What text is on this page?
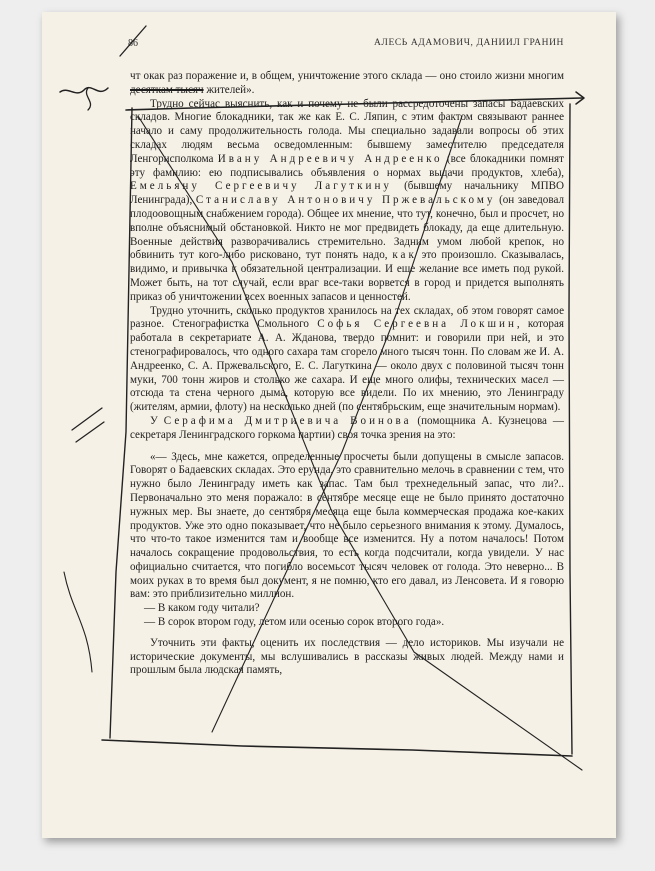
86	АЛЕСЬ АДАМОВИЧ, ДАНИИЛ ГРАНИН

чт окак раз поражение и, в общем, уничтожение этого склада — оно стоило жизни многим десяткам тысяч жителей».

Трудно сейчас выяснить, как и почему не были рассредоточены запасы Бадаевских складов. Многие блокадники, так же как Е. С. Ляпин, с этим фактом связывают раннее начало и саму продолжительность голода. Мы специально задавали вопросы об этих складах людям весьма осведомленным: бывшему заместителю председателя Ленгорисполкома Ивану Андреевичу Андреенко (все блокадники помнят эту фамилию: ею подписывались объявления о нормах выдачи продуктов, хлеба), Емельяну Сергеевичу Лагуткину (бывшему начальнику МПВО Ленинграда), Станиславу Антоновичу Пржевальскому (он заведовал плодоовощным снабжением города). Общее их мнение, что тут, конечно, был и просчет, но вполне объяснимый обстановкой. Никто не мог предвидеть блокаду, да еще длительную. Военные действия разворачивались стремительно. Задним умом любой крепок, но обвинить тут кого-либо рисковано, тут понять надо, как это произошло. Сказывалась, видимо, и привычка к обязательной централизации. И еще желание все иметь под рукой. Может быть, на тот случай, если враг все-таки ворвется в город и придется выполнять приказ об уничтожении всех военных запасов и ценностей.

Трудно уточнить, сколько продуктов хранилось на тех складах, об этом говорят самое разное. Стенографистка Смольного Софья Сергеевна Локшин, которая работала в секретариате А. А. Жданова, твердо помнит: и говорили при ней, и это стенографировалось, что одного сахара там сгорело много тысяч тонн. По словам же И. А. Андреенко, С. А. Пржевальского, Е. С. Лагуткина — около двух с половиной тысяч тонн муки, 700 тонн жиров и столько же сахара. И еще много олифы, технических масел — отсюда та стена черного дыма, которую все видели. По их мнению, это Ленинграду (жителям, армии, флоту) на несколько дней (по сентябрьским, еще значительным нормам).

У Серафима Дмитриевича Воинова (помощника А. Кузнецова — секретаря Ленинградского горкома партии) своя точка зрения на это:

«— Здесь, мне кажется, определенные просчеты были допущены в смысле запасов. Говорят о Бадаевских складах. Это ерунда, это сравнительно мелочь в сравнении с тем, что нужно было Ленинграду иметь как запас. Там был трехнедельный запас, что ли?.. Первоначально это меня поражало: в сентябре месяце еще не было принято достаточно нужных мер. Вы знаете, до сентября месяца еще была коммерческая продажа кое-каких продуктов. Уже это одно показывает, что не было серьезного внимания к этому. Думалось, что что-то такое изменится там и вообще все изменится. Ну а потом началось! Потом началось сокращение продовольствия, то есть когда подсчитали, когда увидели. У нас официально считается, что погибло восемьсот тысяч человек от голода. Это неверно... В моих руках в то время был документ, я не помню, кто его давал, из Ленсовета. И я говорю вам: это приблизительно миллион.

— В каком году читали?

— В сорок втором году, летом или осенью сорок второго года».

Уточнить эти факты, оценить их последствия — дело историков. Мы изучали не исторические документы, мы вслушивались в рассказы живых людей. Между нами и прошлым была людская память,
